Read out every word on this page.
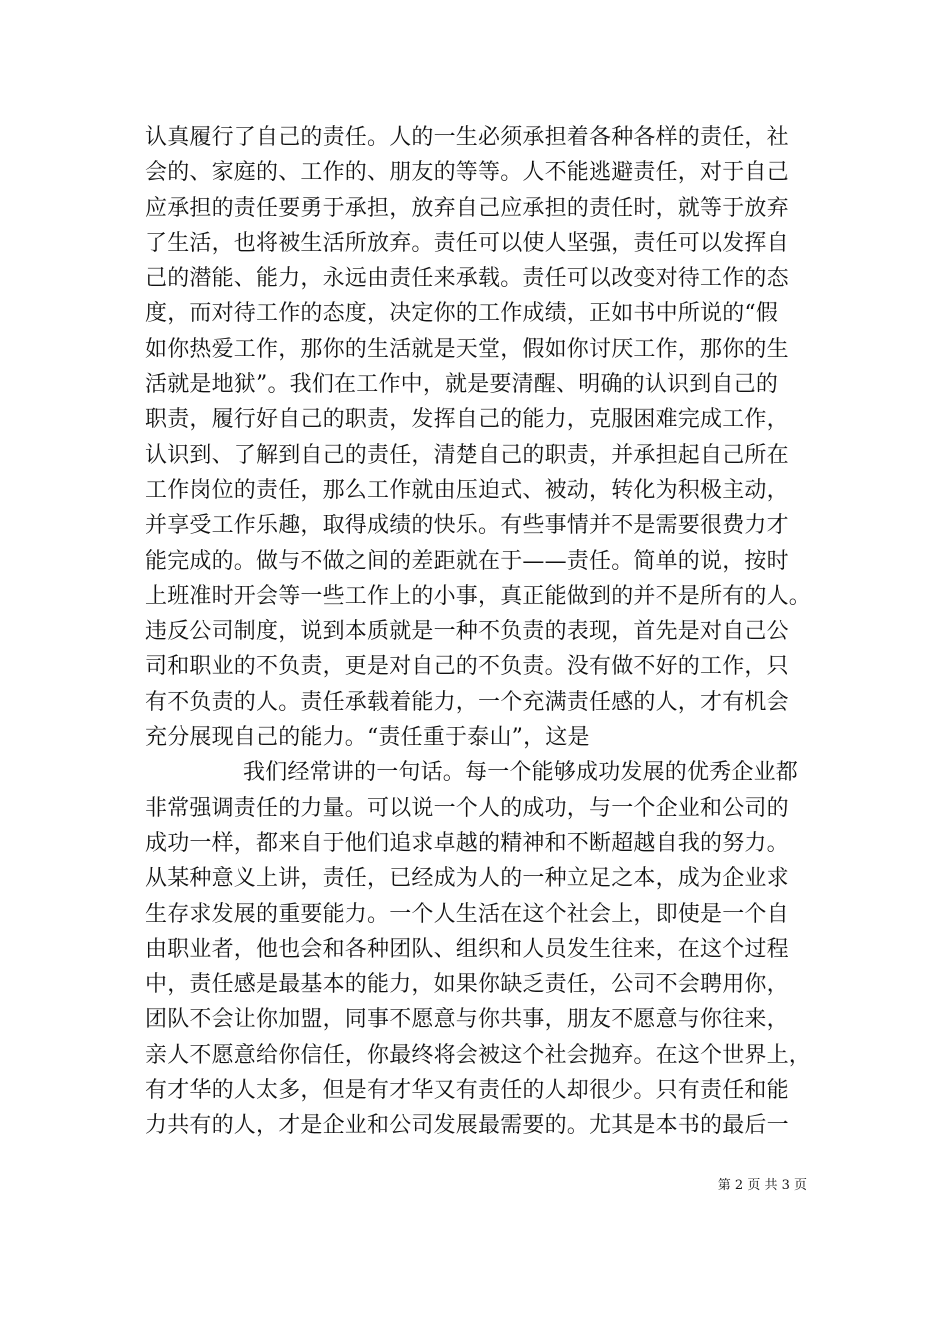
认真履行了自己的责任。人的一生必须承担着各种各样的责任，社
会的、家庭的、工作的、朋友的等等。人不能逃避责任，对于自己
应承担的责任要勇于承担，放弃自己应承担的责任时，就等于放弃
了生活，也将被生活所放弃。责任可以使人坚强，责任可以发挥自
己的潜能、能力，永远由责任来承载。责任可以改变对待工作的态
度，而对待工作的态度，决定你的工作成绩，正如书中所说的“假
如你热爱工作，那你的生活就是天堂，假如你讨厌工作，那你的生
活就是地狱”。我们在工作中，就是要清醒、明确的认识到自己的
职责，履行好自己的职责，发挥自己的能力，克服困难完成工作，
认识到、了解到自己的责任，清楚自己的职责，并承担起自己所在
工作岗位的责任，那么工作就由压迫式、被动，转化为积极主动，
并享受工作乐趣，取得成绩的快乐。有些事情并不是需要很费力才
能完成的。做与不做之间的差距就在于——责任。简单的说，按时
上班准时开会等一些工作上的小事，真正能做到的并不是所有的人。
违反公司制度，说到本质就是一种不负责的表现，首先是对自己公
司和职业的不负责，更是对自己的不负责。没有做不好的工作，只
有不负责的人。责任承载着能力，一个充满责任感的人，才有机会
充分展现自己的能力。“责任重于泰山”，这是
我们经常讲的一句话。每一个能够成功发展的优秀企业都
非常强调责任的力量。可以说一个人的成功，与一个企业和公司的
成功一样，都来自于他们追求卓越的精神和不断超越自我的努力。
从某种意义上讲，责任，已经成为人的一种立足之本，成为企业求
生存求发展的重要能力。一个人生活在这个社会上，即使是一个自
由职业者，他也会和各种团队、组织和人员发生往来，在这个过程
中，责任感是最基本的能力，如果你缺乏责任，公司不会聘用你，
团队不会让你加盟，同事不愿意与你共事，朋友不愿意与你往来，
亲人不愿意给你信任，你最终将会被这个社会抛弃。在这个世界上，
有才华的人太多，但是有才华又有责任的人却很少。只有责任和能
力共有的人，才是企业和公司发展最需要的。尤其是本书的最后一
第 2 页 共 3 页
